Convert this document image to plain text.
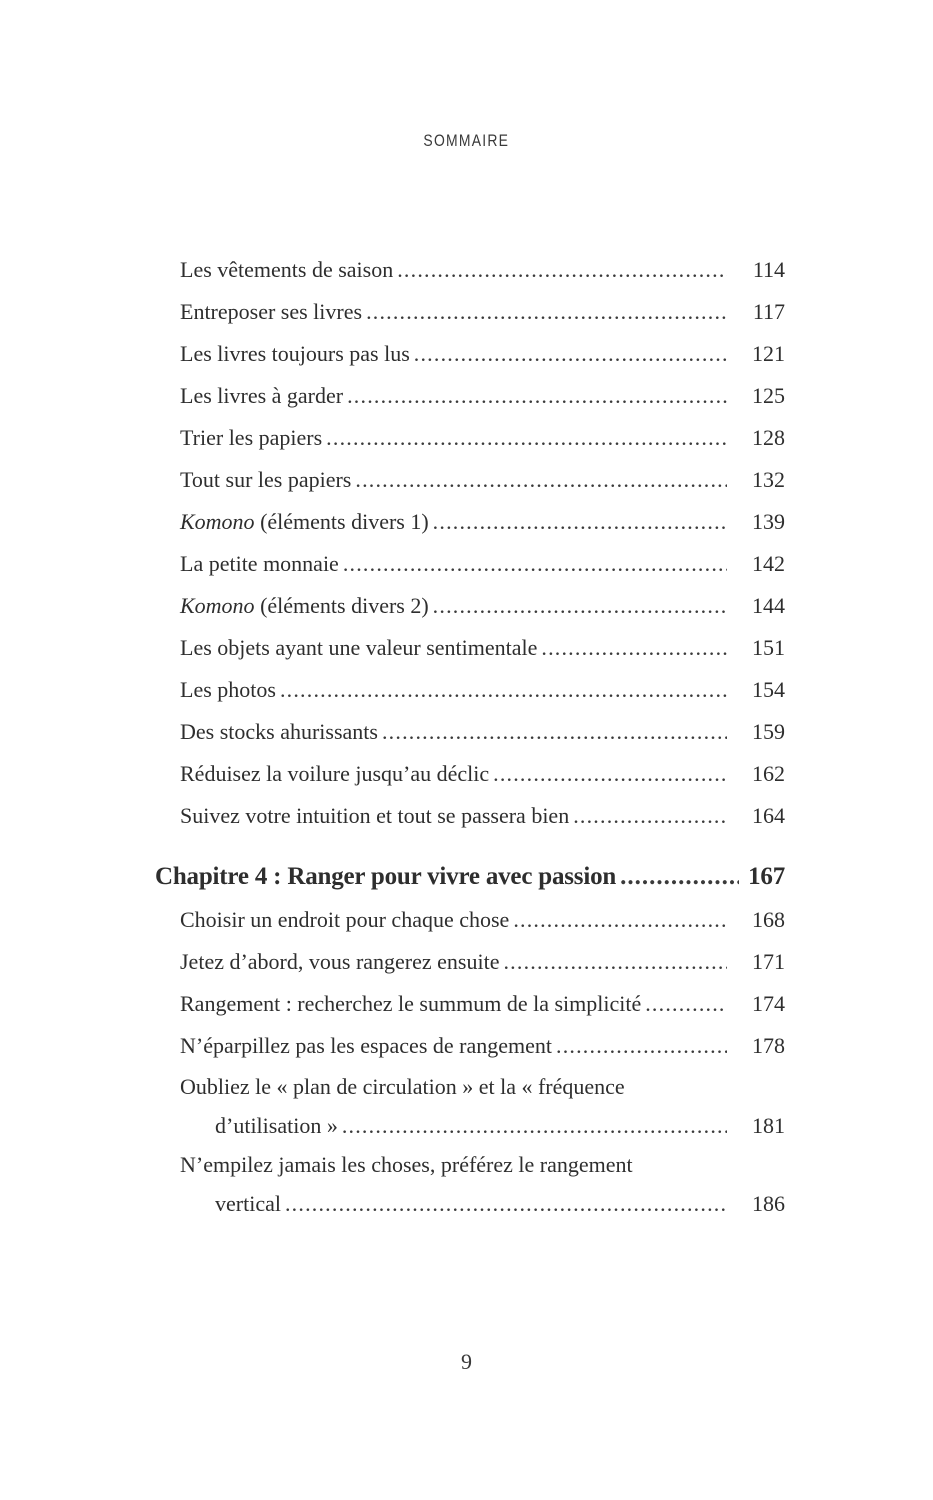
SOMMAIRE
Les vêtements de saison .....	114
Entreposer ses livres .....	117
Les livres toujours pas lus .....	121
Les livres à garder .....	125
Trier les papiers .....	128
Tout sur les papiers .....	132
Komono (éléments divers 1) .....	139
La petite monnaie .....	142
Komono (éléments divers 2) .....	144
Les objets ayant une valeur sentimentale .....	151
Les photos .....	154
Des stocks ahurissants .....	159
Réduisez la voilure jusqu’au déclic .....	162
Suivez votre intuition et tout se passera bien .....	164
Chapitre 4 : Ranger pour vivre avec passion .....	167
Choisir un endroit pour chaque chose .....	168
Jetez d’abord, vous rangerez ensuite .....	171
Rangement : recherchez le summum de la simplicité .....	174
N’éparpillez pas les espaces de rangement .....	178
Oubliez le « plan de circulation » et la « fréquence
d’utilisation » .....	181
N’empilez jamais les choses, préférez le rangement
vertical .....	186
9
